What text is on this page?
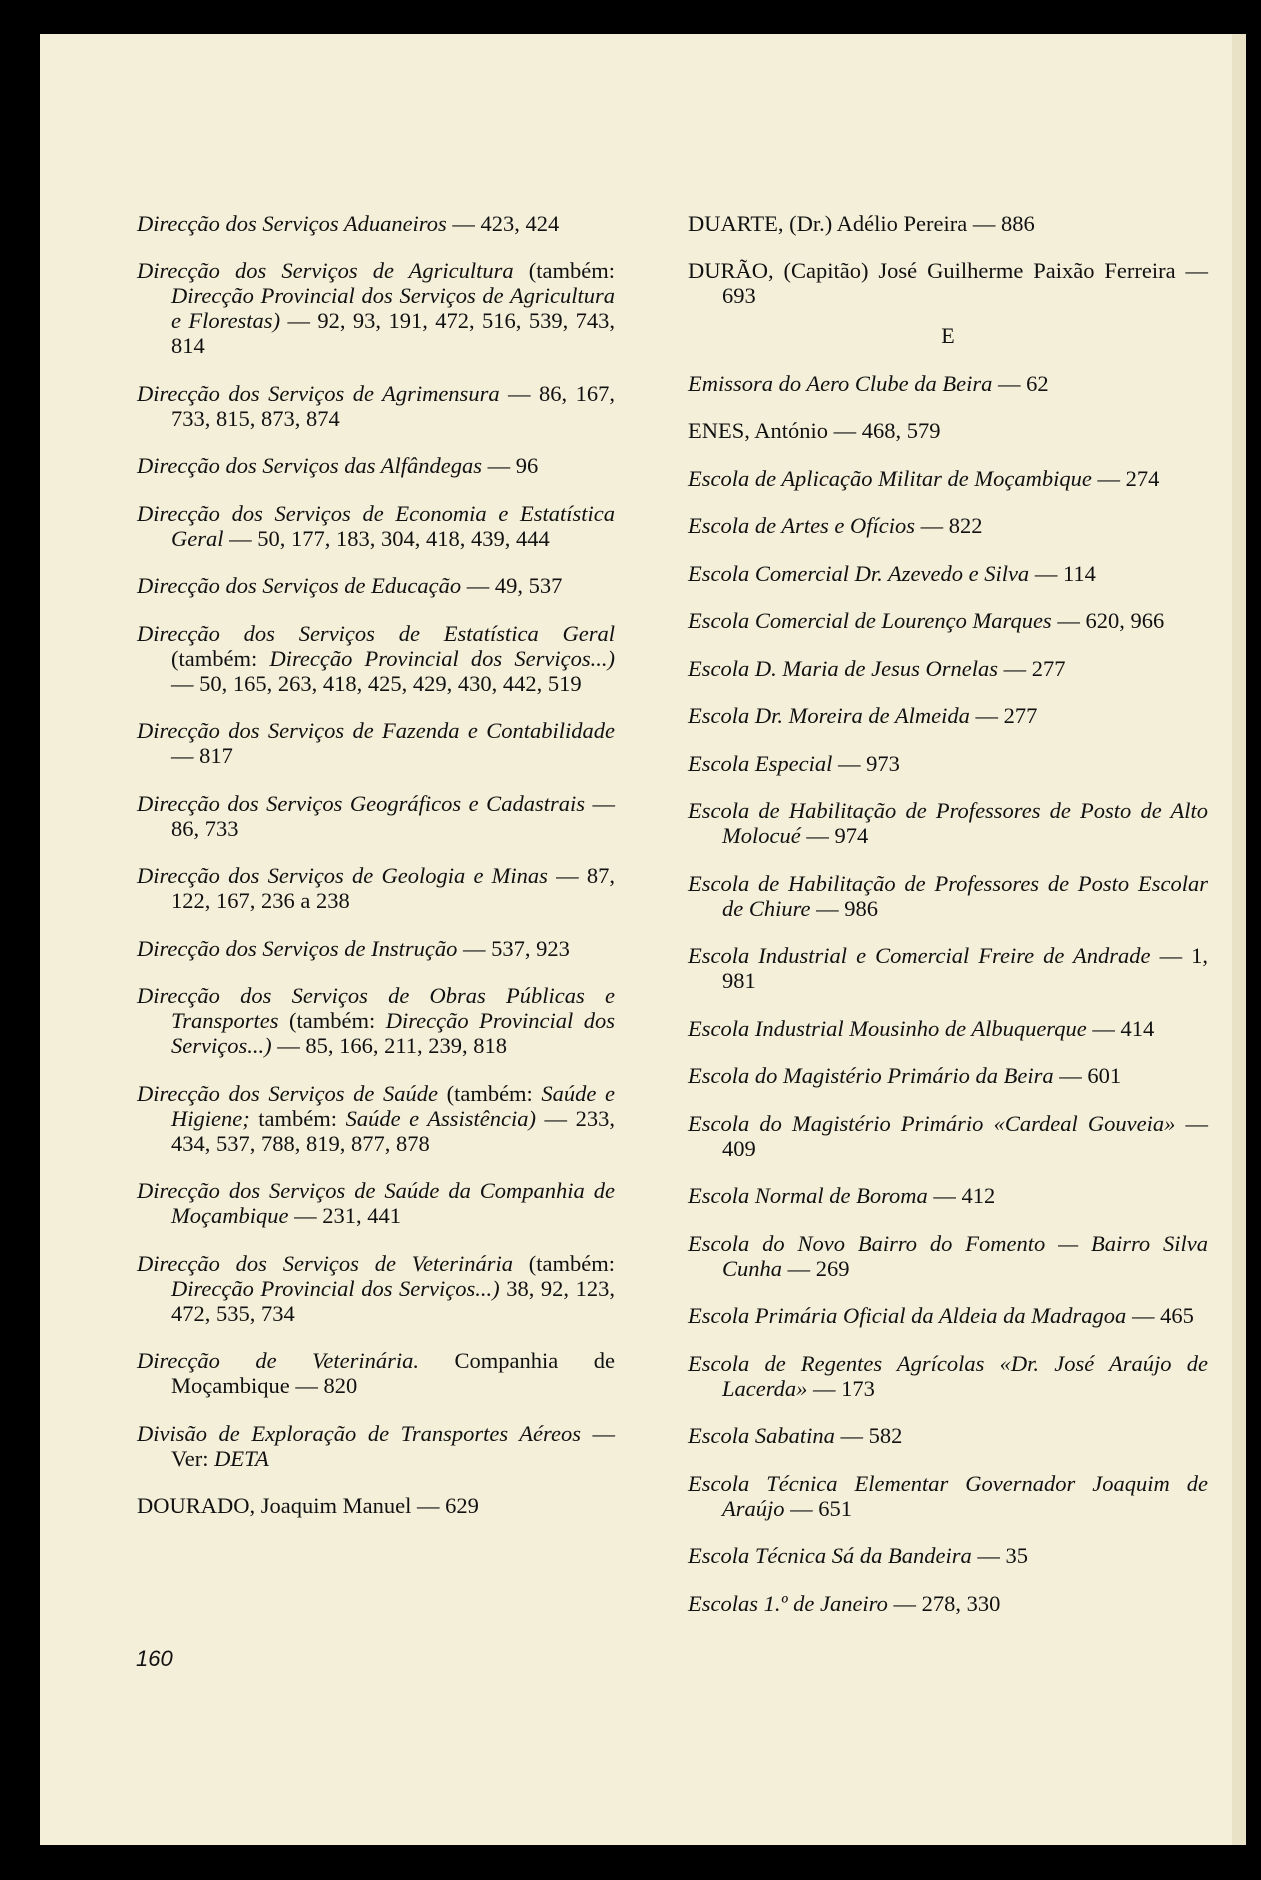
Direcção dos Serviços Aduaneiros — 423, 424

Direcção dos Serviços de Agricultura (também: Direcção Provincial dos Serviços de Agricultura e Florestas) — 92, 93, 191, 472, 516, 539, 743, 814

Direcção dos Serviços de Agrimensura — 86, 167, 733, 815, 873, 874

Direcção dos Serviços das Alfândegas — 96

Direcção dos Serviços de Economia e Estatística Geral — 50, 177, 183, 304, 418, 439, 444

Direcção dos Serviços de Educação — 49, 537

Direcção dos Serviços de Estatística Geral (também: Direcção Provincial dos Serviços...) — 50, 165, 263, 418, 425, 429, 430, 442, 519

Direcção dos Serviços de Fazenda e Contabilidade — 817

Direcção dos Serviços Geográficos e Cadastrais — 86, 733

Direcção dos Serviços de Geologia e Minas — 87, 122, 167, 236 a 238

Direcção dos Serviços de Instrução — 537, 923

Direcção dos Serviços de Obras Públicas e Transportes (também: Direcção Provincial dos Serviços...) — 85, 166, 211, 239, 818

Direcção dos Serviços de Saúde (também: Saúde e Higiene; também: Saúde e Assistência) — 233, 434, 537, 788, 819, 877, 878

Direcção dos Serviços de Saúde da Companhia de Moçambique — 231, 441

Direcção dos Serviços de Veterinária (também: Direcção Provincial dos Serviços...) 38, 92, 123, 472, 535, 734

Direcção de Veterinária. Companhia de Moçambique — 820

Divisão de Exploração de Transportes Aéreos — Ver: DETA

DOURADO, Joaquim Manuel — 629

DUARTE, (Dr.) Adélio Pereira — 886

DURÃO, (Capitão) José Guilherme Paixão Ferreira — 693

E

Emissora do Aero Clube da Beira — 62

ENES, António — 468, 579

Escola de Aplicação Militar de Moçambique — 274

Escola de Artes e Ofícios — 822

Escola Comercial Dr. Azevedo e Silva — 114

Escola Comercial de Lourenço Marques — 620, 966

Escola D. Maria de Jesus Ornelas — 277

Escola Dr. Moreira de Almeida — 277

Escola Especial — 973

Escola de Habilitação de Professores de Posto de Alto Molocué — 974

Escola de Habilitação de Professores de Posto Escolar de Chiure — 986

Escola Industrial e Comercial Freire de Andrade — 1, 981

Escola Industrial Mousinho de Albuquerque — 414

Escola do Magistério Primário da Beira — 601

Escola do Magistério Primário «Cardeal Gouveia» — 409

Escola Normal de Boroma — 412

Escola do Novo Bairro do Fomento — Bairro Silva Cunha — 269

Escola Primária Oficial da Aldeia da Madragoa — 465

Escola de Regentes Agrícolas «Dr. José Araújo de Lacerda» — 173

Escola Sabatina — 582

Escola Técnica Elementar Governador Joaquim de Araújo — 651

Escola Técnica Sá da Bandeira — 35

Escolas 1.º de Janeiro — 278, 330

160
